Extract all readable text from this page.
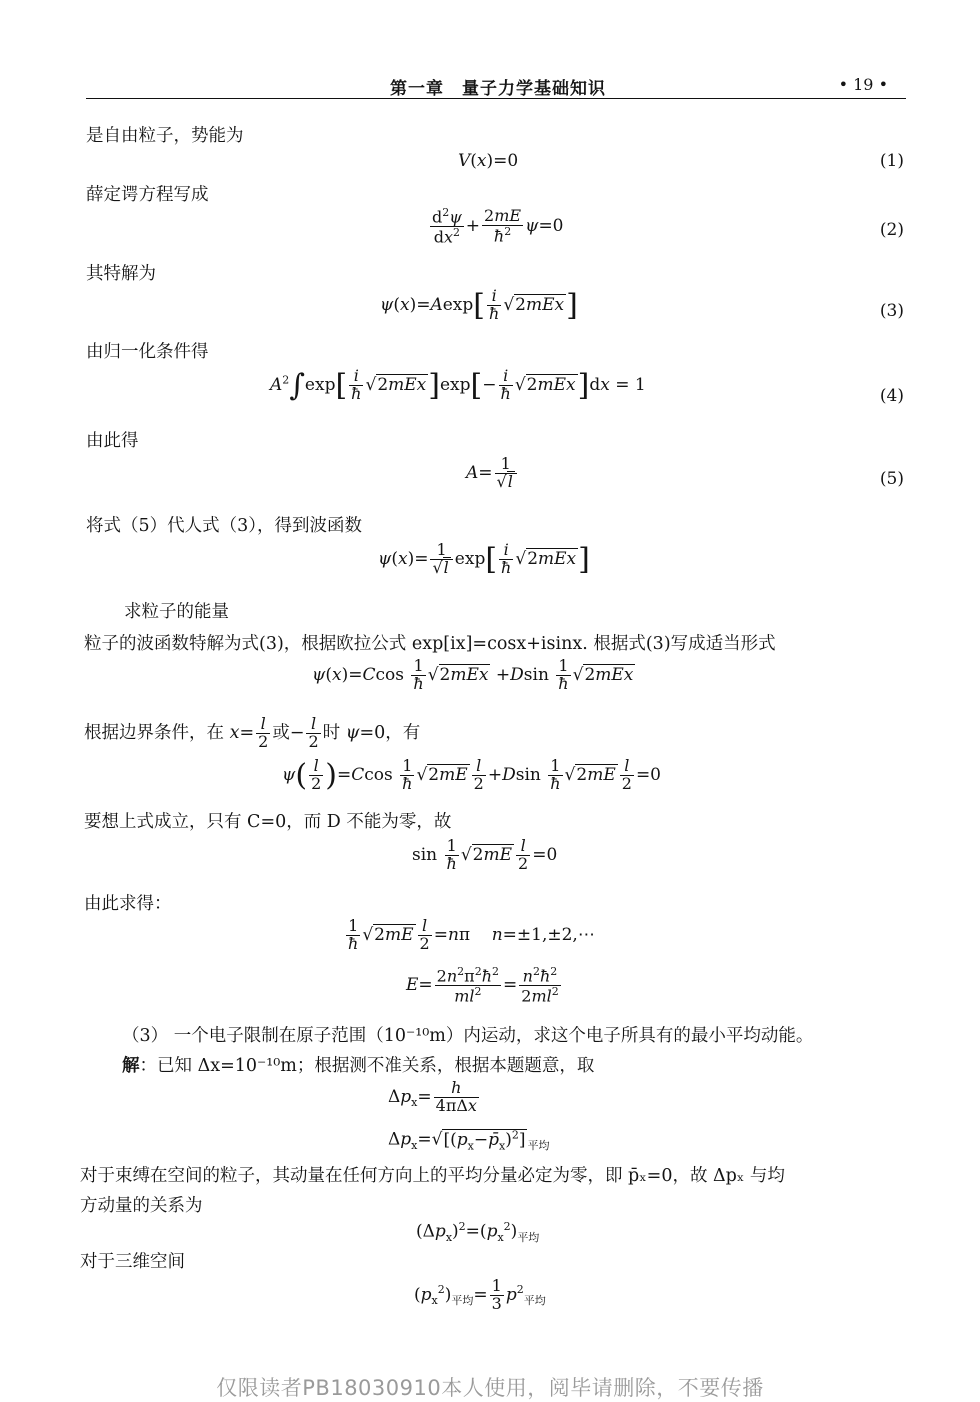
第一章　量子力学基础知识	• 19 •
是自由粒子，势能为
V(x)=0	(1)
薛定谔方程写成
$\frac{d^2\psi}{dx^2} + \frac{2mE}{ħ^2} \psi=0$	(2)
其特解为
$\psi(x)=Aexp[ \frac{i}{ħ} √2mEx]$	(3)
由归一化条件得
$A^2\int\exp[ \frac{i}{ħ} √2mEx]\exp[- \frac{i}{ħ} √2mEx]dx = 1$
(4)
由此得
$A= \frac{1}{√l}$	(5)
将式（5）代人式（3），得到波函数
$\psi(x)= \frac{1}{√l} \exp[ \frac{i}{ħ} √2mEx]$
求粒子的能量
粒子的波函数特解为式(3)，根据欧拉公式 exp[ix]=cosx+isinx. 根据式(3)写成适当形式
$\psi(x)=Ccos \frac{1}{ħ} √2mEx +Dsin \frac{1}{ħ} √2mEx$
根据边界条件，在 $x= \frac{l}{2}$ 或− $\frac{l}{2}$ 时 ψ=0，有
$\psi( \frac{l}{2} )=Ccos \frac{1}{ħ} √2mE \frac{l}{2} +Dsin \frac{1}{ħ} √2mE \frac{l}{2} =0$
要想上式成立，只有 C=0，而 D 不能为零，故
$\sin \frac{1}{ħ} √2mE \frac{l}{2} =0$
由此求得：
$\frac{1}{ħ} √2mE \frac{l}{2} =n\pi$    n=±1,±2,⋯
$E= \frac{2n^2\pi^2ħ^2}{ml^2} = \frac{n^2ħ^2}{2ml^2}$
（3） 一个电子限制在原子范围（10⁻¹⁰m）内运动，求这个电子所具有的最小平均动能。
解：已知 Δx=10⁻¹⁰m；根据测不准关系，根据本题题意，取
$\Delta p_x= \frac{h}{\text{4πΔx}}$
$\Delta p_x=√[(p_x-p̄_x)^2]$ $_{平均}$
对于束缚在空间的粒子，其动量在任何方向上的平均分量必定为零，即 p̄ₓ=0，故 Δpₓ 与均
方动量的关系为
$(\Delta p_x)^2=(p_x^2)_{平均}$
对于三维空间
$(p_x^2)_{平均}= \frac{1}{3} p^2_{平均}$
仅限读者PB18030910本人使用，阅毕请删除，不要传播
